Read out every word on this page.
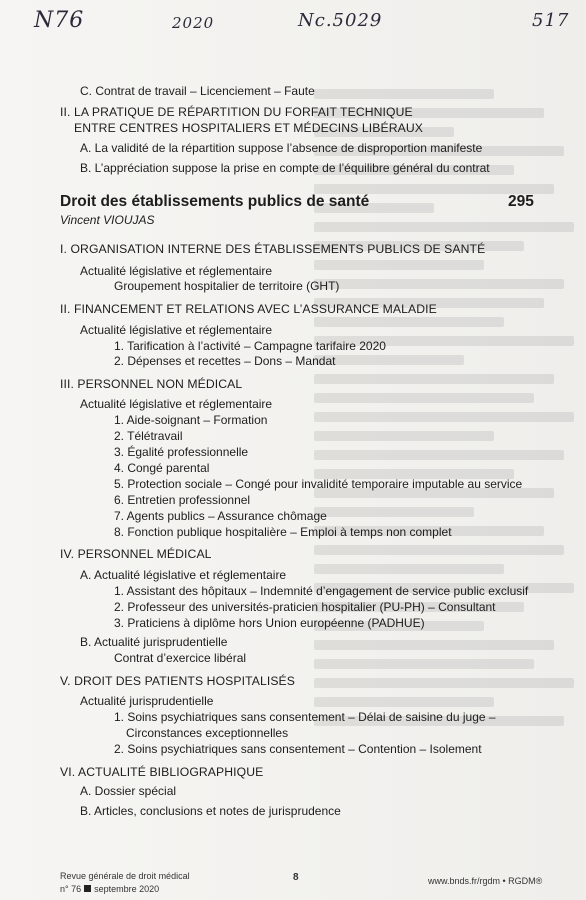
N76	2020	Nc.5029	517
C. Contrat de travail – Licenciement – Faute
II. LA PRATIQUE DE RÉPARTITION DU FORFAIT TECHNIQUE
ENTRE CENTRES HOSPITALIERS ET MÉDECINS LIBÉRAUX
A. La validité de la répartition suppose l’absence de disproportion manifeste
B. L’appréciation suppose la prise en compte de l’équilibre général du contrat
Droit des établissements publics de santé	295
Vincent VIOUJAS
I. ORGANISATION INTERNE DES ÉTABLISSEMENTS PUBLICS DE SANTÉ
Actualité législative et réglementaire
Groupement hospitalier de territoire (GHT)
II. FINANCEMENT ET RELATIONS AVEC L’ASSURANCE MALADIE
Actualité législative et réglementaire
1. Tarification à l’activité – Campagne tarifaire 2020
2. Dépenses et recettes – Dons – Mandat
III. PERSONNEL NON MÉDICAL
Actualité législative et réglementaire
1. Aide-soignant – Formation
2. Télétravail
3. Égalité professionnelle
4. Congé parental
5. Protection sociale – Congé pour invalidité temporaire imputable au service
6. Entretien professionnel
7. Agents publics – Assurance chômage
8. Fonction publique hospitalière – Emploi à temps non complet
IV. PERSONNEL MÉDICAL
A. Actualité législative et réglementaire
1. Assistant des hôpitaux – Indemnité d’engagement de service public exclusif
2. Professeur des universités-praticien hospitalier (PU-PH) – Consultant
3. Praticiens à diplôme hors Union européenne (PADHUE)
B. Actualité jurisprudentielle
Contrat d’exercice libéral
V. DROIT DES PATIENTS HOSPITALISÉS
Actualité jurisprudentielle
1. Soins psychiatriques sans consentement – Délai de saisine du juge –
Circonstances exceptionnelles
2. Soins psychiatriques sans consentement – Contention – Isolement
VI. ACTUALITÉ BIBLIOGRAPHIQUE
A. Dossier spécial
B. Articles, conclusions et notes de jurisprudence
Revue générale de droit médical
n° 76 septembre 2020
8	www.bnds.fr/rgdm • RGDM®
